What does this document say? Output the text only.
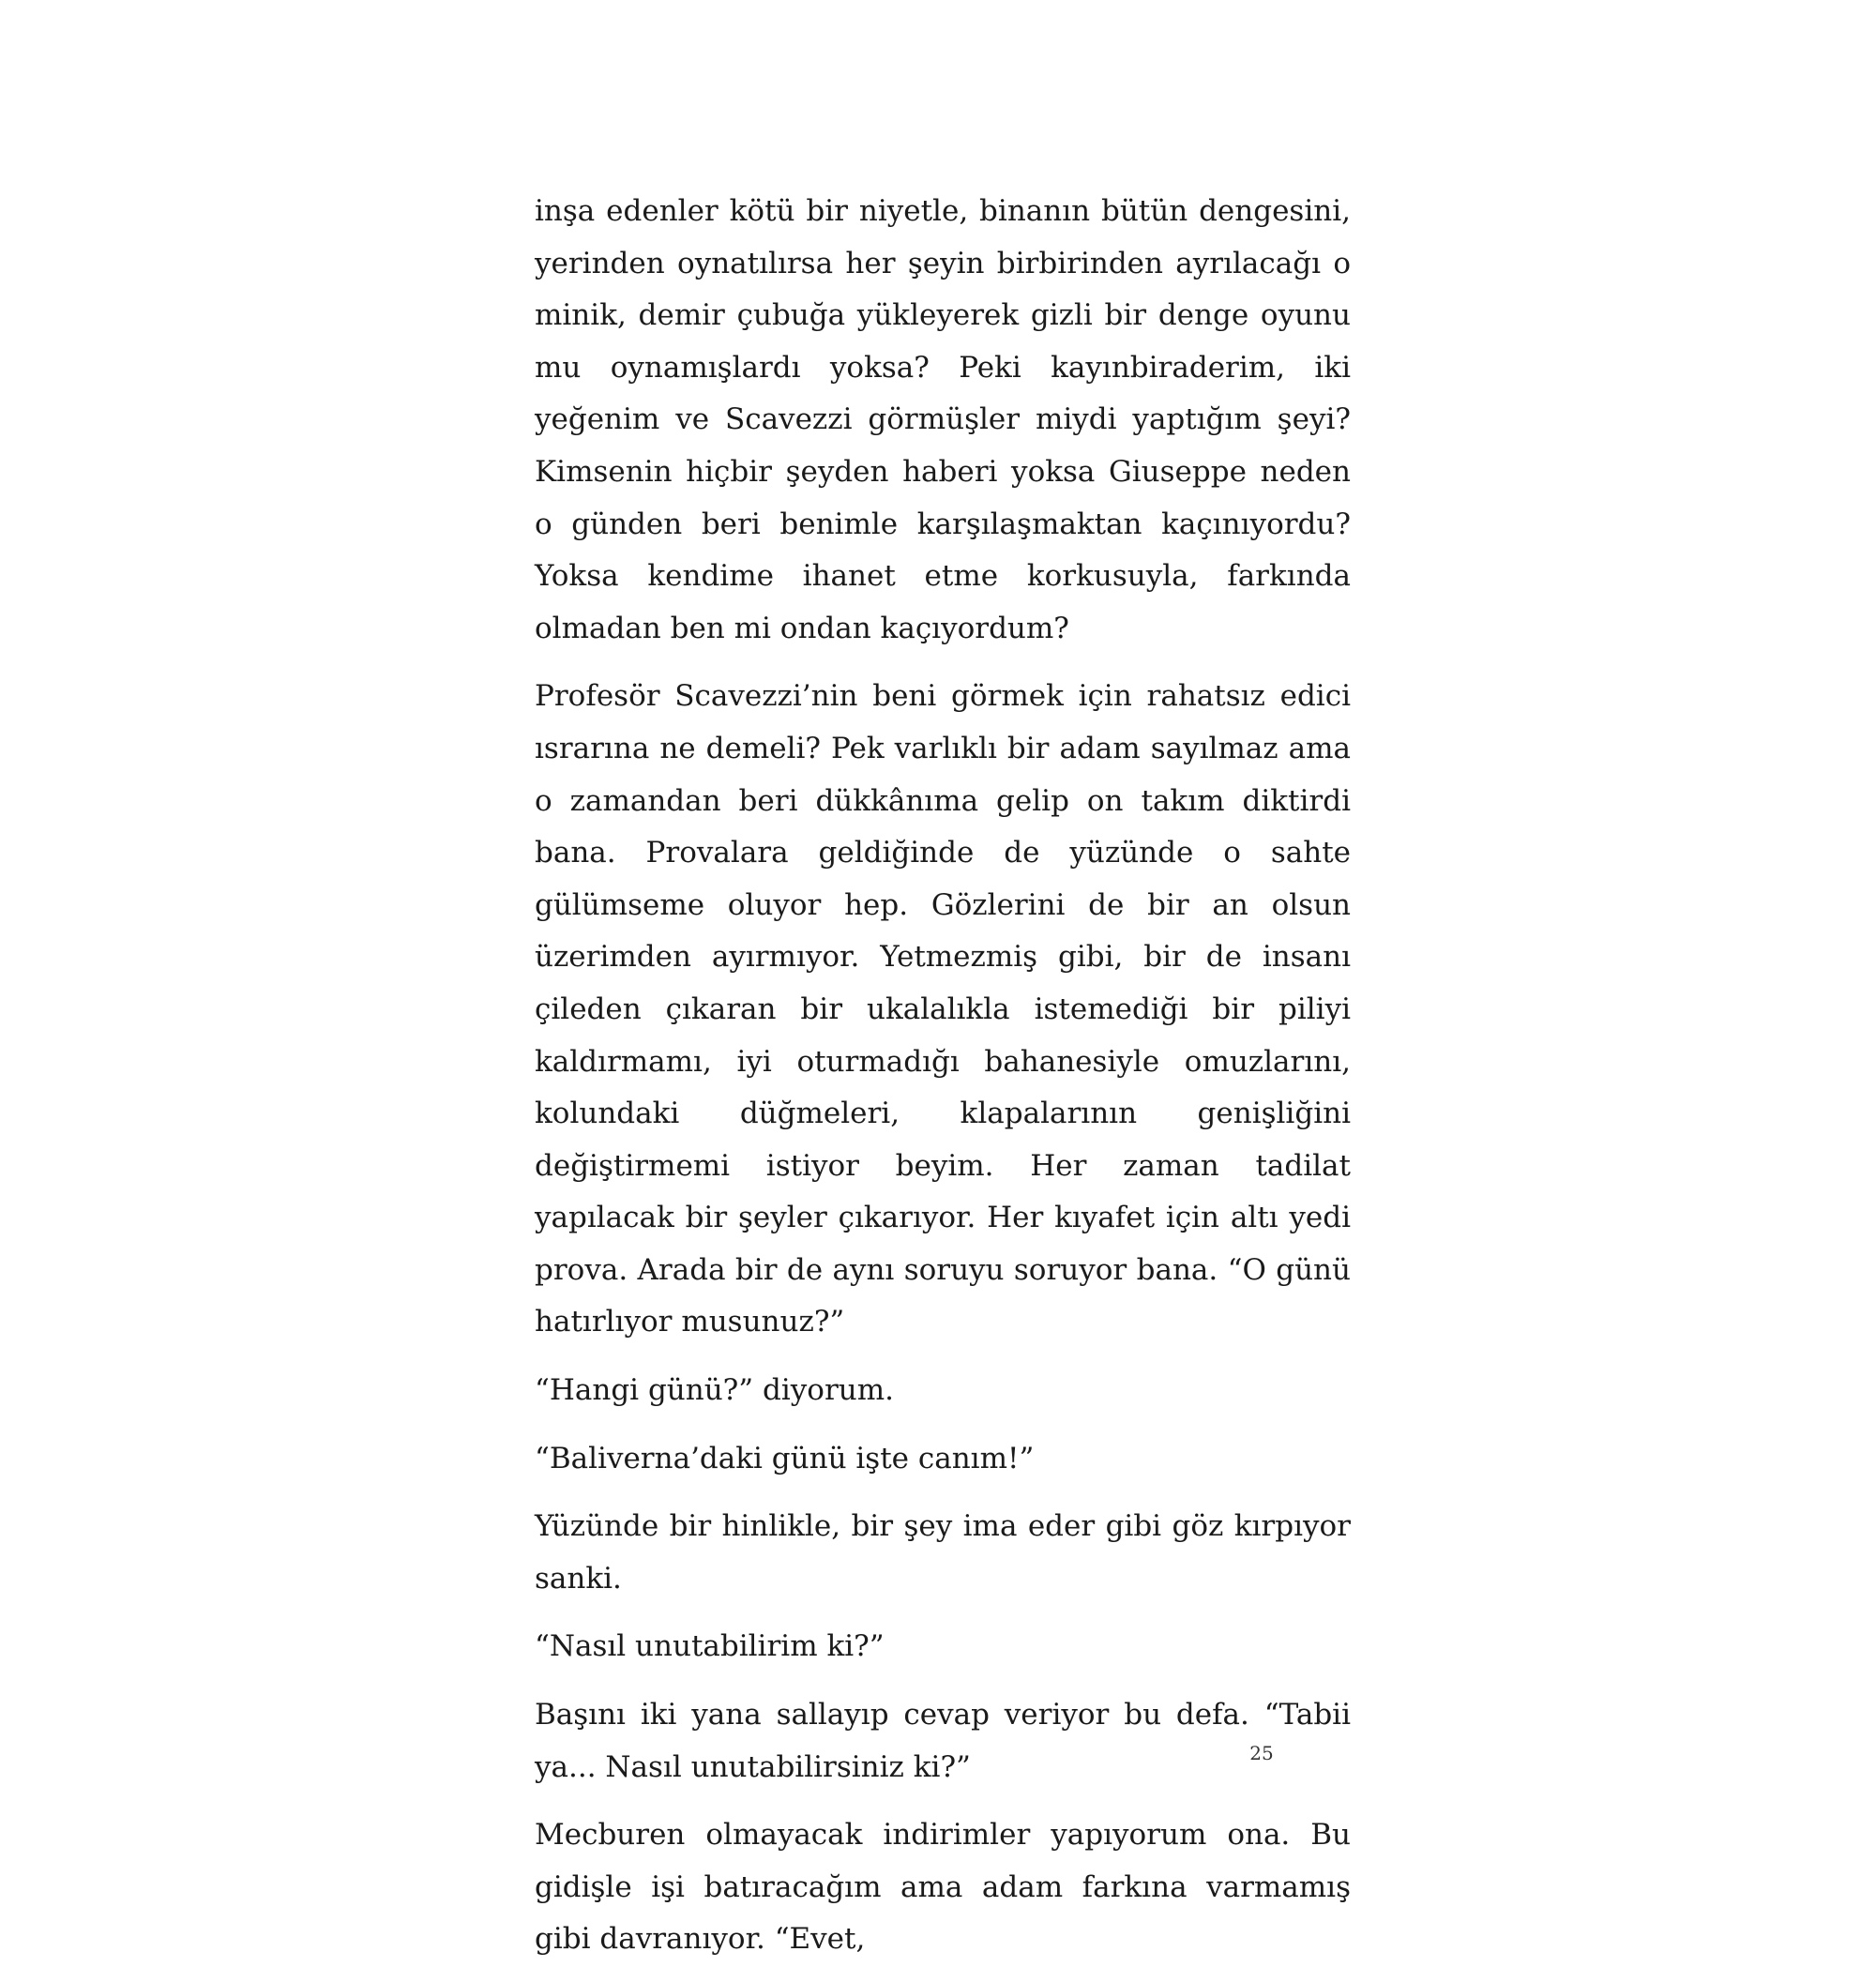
inşa edenler kötü bir niyetle, binanın bütün dengesini, yerinden oynatılırsa her şeyin birbirinden ayrılacağı o minik, demir çubuğa yükleyerek gizli bir denge oyunu mu oynamışlardı yoksa? Peki kayınbiraderim, iki yeğenim ve Scavezzi görmüşler miydi yaptığım şeyi? Kimsenin hiçbir şeyden haberi yoksa Giuseppe neden o günden beri benimle karşılaşmaktan kaçınıyordu? Yoksa kendime ihanet etme korkusuyla, farkında olmadan ben mi ondan kaçıyordum?

Profesör Scavezzi’nin beni görmek için rahatsız edici ısrarına ne demeli? Pek varlıklı bir adam sayılmaz ama o zamandan beri dükkânıma gelip on takım diktirdi bana. Provalara geldiğinde de yüzünde o sahte gülümseme oluyor hep. Gözlerini de bir an olsun üzerimden ayırmıyor. Yetmezmiş gibi, bir de insanı çileden çıkaran bir ukalalıkla istemediği bir piliyi kaldırmamı, iyi oturmadığı bahanesiyle omuzlarını, kolundaki düğmeleri, klapalarının genişliğini değiştirmemi istiyor beyim. Her zaman tadilat yapılacak bir şeyler çıkarıyor. Her kıyafet için altı yedi prova. Arada bir de aynı soruyu soruyor bana. “O günü hatırlıyor musunuz?”

“Hangi günü?” diyorum.

“Baliverna’daki günü işte canım!”

Yüzünde bir hinlikle, bir şey ima eder gibi göz kırpıyor sanki.

“Nasıl unutabilirim ki?”

Başını iki yana sallayıp cevap veriyor bu defa. “Tabii ya... Nasıl unutabilirsiniz ki?”

Mecburen olmayacak indirimler yapıyorum ona. Bu gidişle işi batıracağım ama adam farkına varmamış gibi davranıyor. “Evet,

25
